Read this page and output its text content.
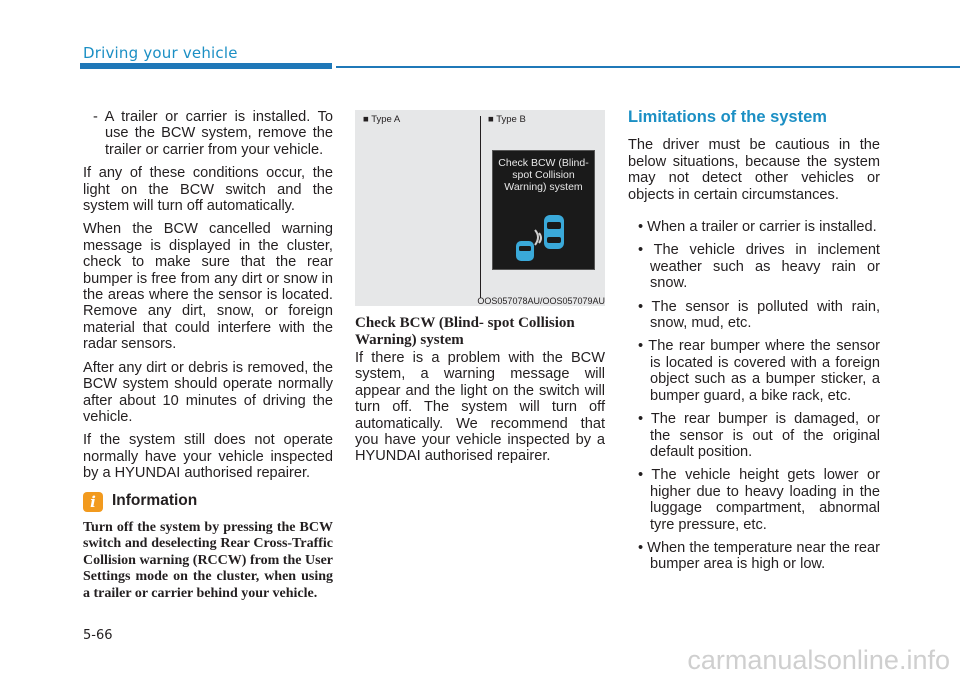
Driving your vehicle

- A trailer or carrier is installed. To use the BCW system, remove the trailer or carrier from your vehicle.

If any of these conditions occur, the light on the BCW switch and the system will turn off automatically.

When the BCW cancelled warning message is displayed in the cluster, check to make sure that the rear bumper is free from any dirt or snow in the areas where the sensor is located. Remove any dirt, snow, or foreign material that could interfere with the radar sensors.

After any dirt or debris is removed, the BCW system should operate normally after about 10 minutes of driving the vehicle.

If the system still does not operate normally have your vehicle inspected by a HYUNDAI authorised repairer.

i	Information
Turn off the system by pressing the BCW switch and deselecting Rear Cross-Traffic Collision warning (RCCW) from the User Settings mode on the cluster, when using a trailer or carrier behind your vehicle.
■ Type A	■ Type B
Check BCW (Blind-spot Collision Warning) system
OOS057078AU/OOS057079AU
Check BCW (Blind- spot Collision Warning) system

If there is a problem with the BCW system, a warning message will appear and the light on the switch will turn off. The system will turn off automatically. We recommend that you have your vehicle inspected by a HYUNDAI authorised repairer.

Limitations of the system

The driver must be cautious in the below situations, because the system may not detect other vehicles or objects in certain circumstances.

• When a trailer or carrier is installed.

• The vehicle drives in inclement weather such as heavy rain or snow.

• The sensor is polluted with rain, snow, mud, etc.

• The rear bumper where the sensor is located is covered with a foreign object such as a bumper sticker, a bumper guard, a bike rack, etc.

• The rear bumper is damaged, or the sensor is out of the original default position.

• The vehicle height gets lower or higher due to heavy loading in the luggage compartment, abnormal tyre pressure, etc.

• When the temperature near the rear bumper area is high or low.

5-66
carmanualsonline.info
